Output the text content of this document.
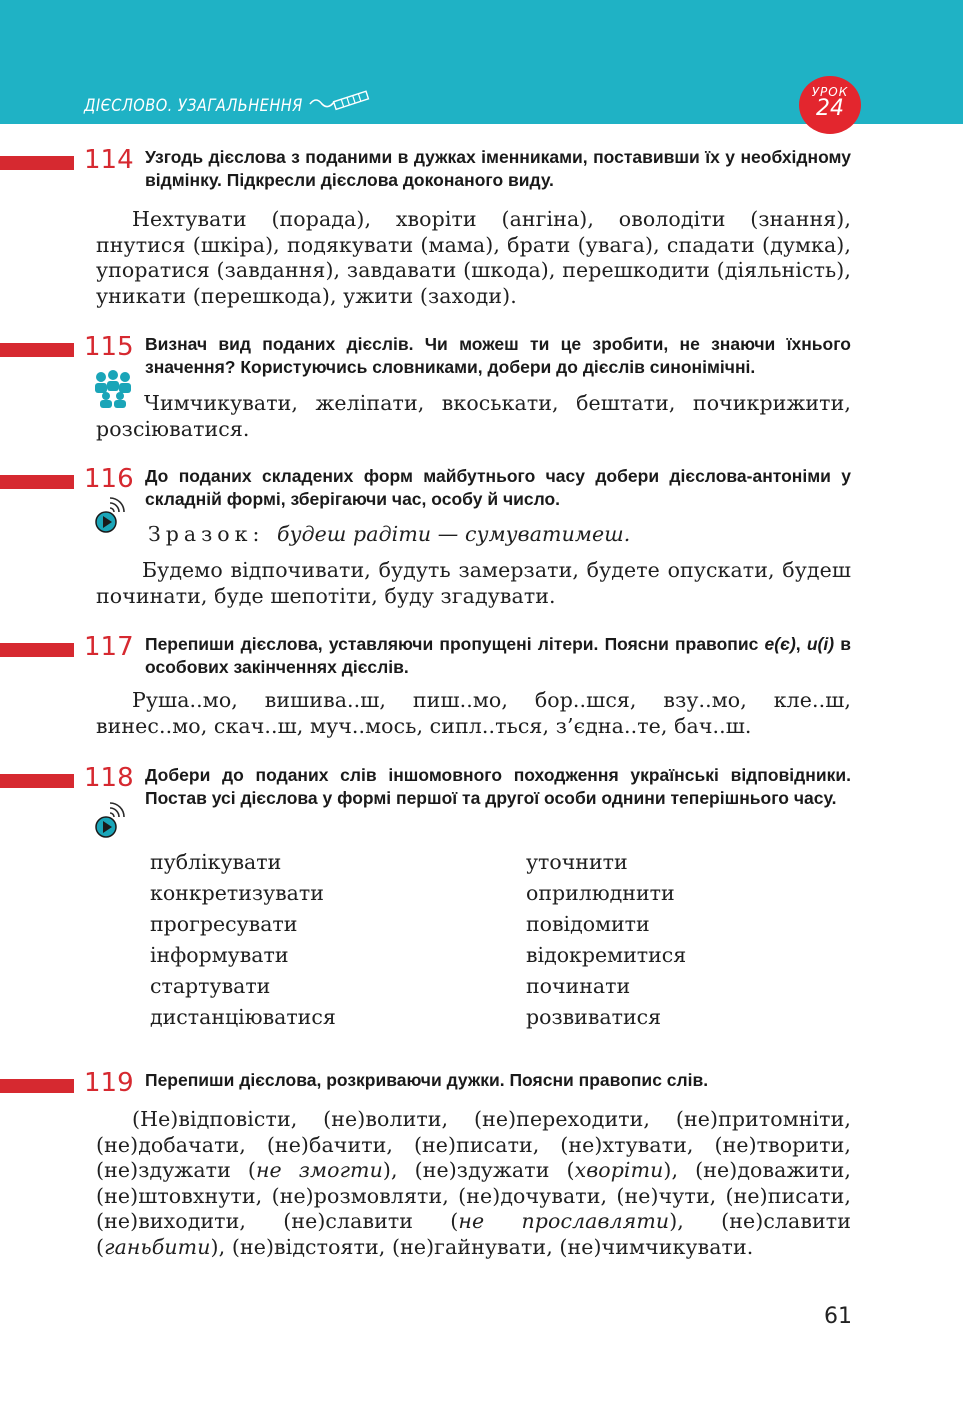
ДІЄСЛОВО. УЗАГАЛЬНЕННЯ
УРОК
24
114 Узгодь дієслова з поданими в дужках іменниками, поставивши їх у необхідному відмінку. Підкресли дієслова доконаного виду.

Нехтувати (порада), хворіти (ангіна), оволодіти (знання), пнутися (шкіра), подякувати (мама), брати (увага), спадати (думка), упоратися (завдання), завдавати (шкода), перешкодити (діяльність), уникати (перешкода), ужити (заходи).

115 Визнач вид поданих дієслів. Чи можеш ти це зробити, не знаючи їхнього значення? Користуючись словниками, добери до дієслів синонімічні.

Чимчикувати, желіпати, вкоськати, бештати, почикрижити, розсіюватися.

116 До поданих складених форм майбутнього часу добери дієслова-антоніми у складній формі, зберігаючи час, особу й число.

Зразок: будеш радіти — сумуватимеш.

Будемо відпочивати, будуть замерзати, будете опускати, будеш починати, буде шепотіти, буду згадувати.

117 Перепиши дієслова, уставляючи пропущені літери. Поясни правопис е(є), и(і) в особових закінченнях дієслів.

Руша..мо, вишива..ш, пиш..мо, бор..шся, взу..мо, кле..ш, винес..мо, скач..ш, муч..мось, сипл..ться, з’єдна..те, бач..ш.

118 Добери до поданих слів іншомовного походження українські відповідники. Постав усі дієслова у формі першої та другої особи однини теперішнього часу.

публікувати
конкретизувати
прогресувати
інформувати
стартувати
дистанціюватися
уточнити
оприлюднити
повідомити
відокремитися
починати
розвиватися
119 Перепиши дієслова, розкриваючи дужки. Поясни правопис слів.

(Не)відповісти, (не)волити, (не)переходити, (не)притомніти, (не)добачати, (не)бачити, (не)писати, (не)хтувати, (не)творити, (не)здужати (не змогти), (не)здужати (хворіти), (не)доважити, (не)штовхнути, (не)розмовляти, (не)дочувати, (не)чути, (не)писати, (не)виходити, (не)славити (не прославляти), (не)славити (ганьбити), (не)відстояти, (не)гайнувати, (не)чимчикувати.

61
